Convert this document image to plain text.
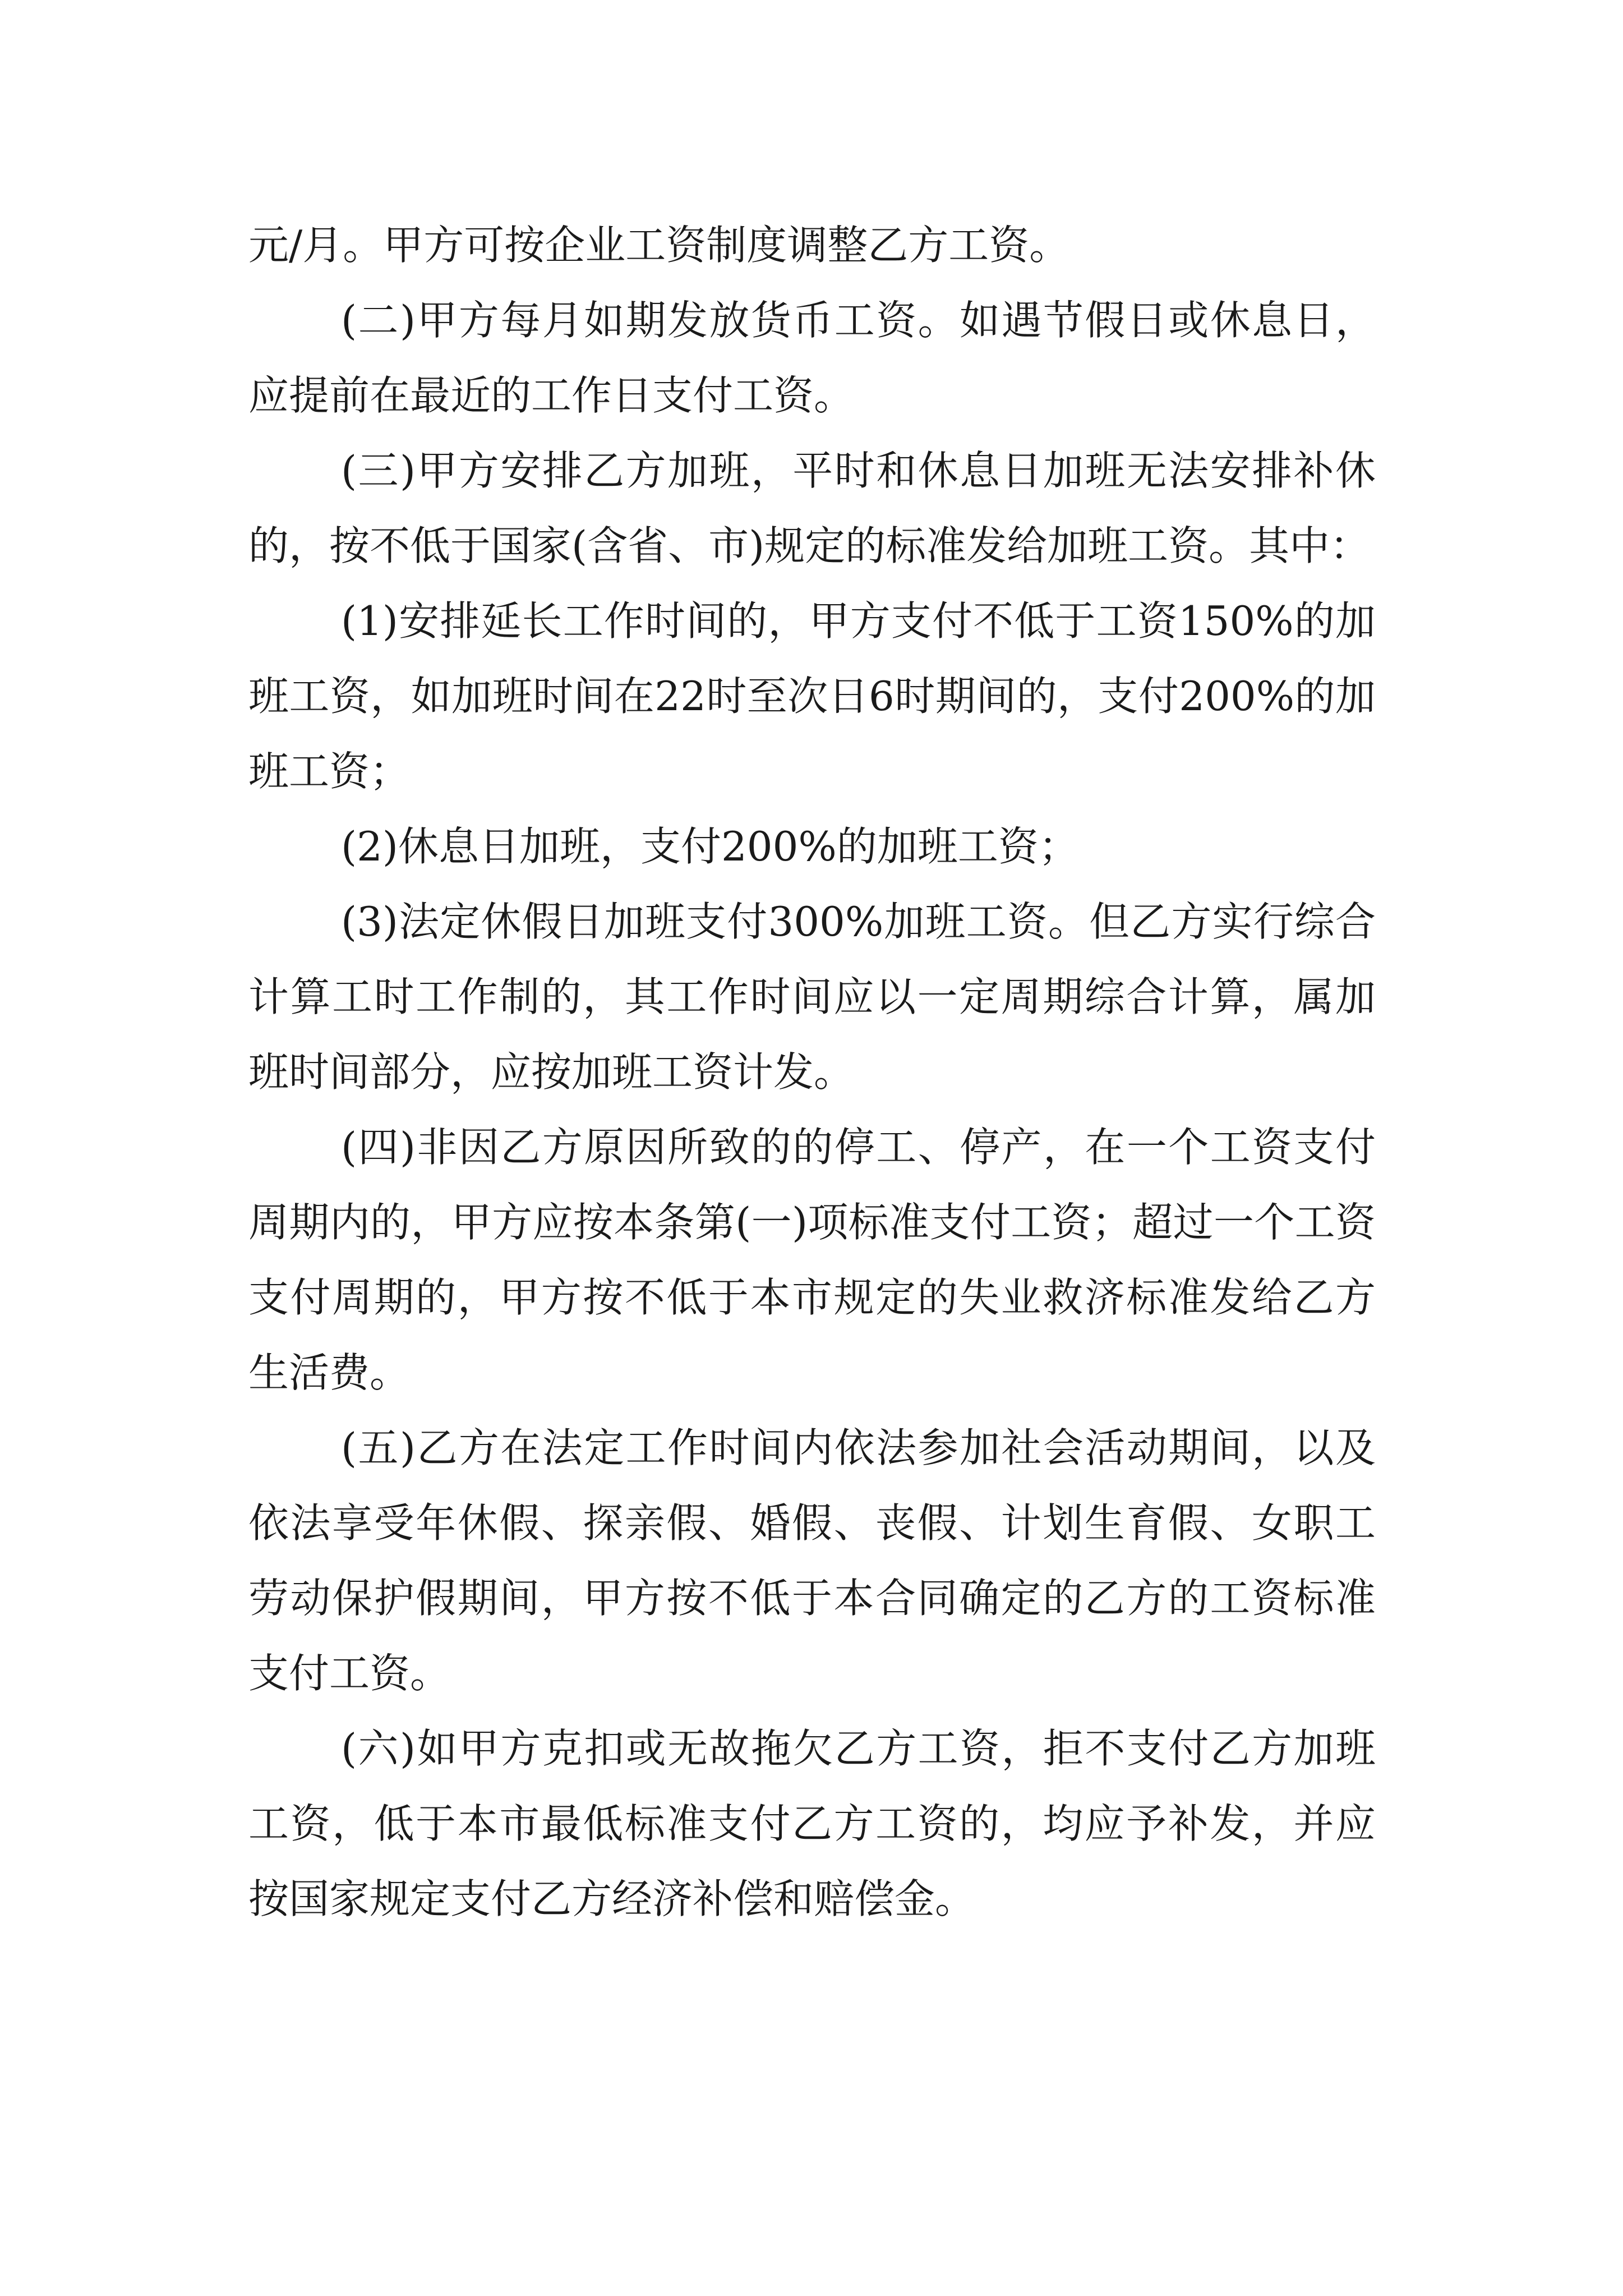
元/月。甲方可按企业工资制度调整乙方工资。

(二)甲方每月如期发放货币工资。如遇节假日或休息日，应提前在最近的工作日支付工资。

(三)甲方安排乙方加班，平时和休息日加班无法安排补休的，按不低于国家(含省、市)规定的标准发给加班工资。其中：

(1)安排延长工作时间的，甲方支付不低于工资150%的加班工资，如加班时间在22时至次日6时期间的，支付200%的加班工资；

(2)休息日加班，支付200%的加班工资；

(3)法定休假日加班支付300%加班工资。但乙方实行综合计算工时工作制的，其工作时间应以一定周期综合计算，属加班时间部分，应按加班工资计发。

(四)非因乙方原因所致的的停工、停产，在一个工资支付周期内的，甲方应按本条第(一)项标准支付工资；超过一个工资支付周期的，甲方按不低于本市规定的失业救济标准发给乙方生活费。

(五)乙方在法定工作时间内依法参加社会活动期间，以及依法享受年休假、探亲假、婚假、丧假、计划生育假、女职工劳动保护假期间，甲方按不低于本合同确定的乙方的工资标准支付工资。

(六)如甲方克扣或无故拖欠乙方工资，拒不支付乙方加班工资，低于本市最低标准支付乙方工资的，均应予补发，并应按国家规定支付乙方经济补偿和赔偿金。
